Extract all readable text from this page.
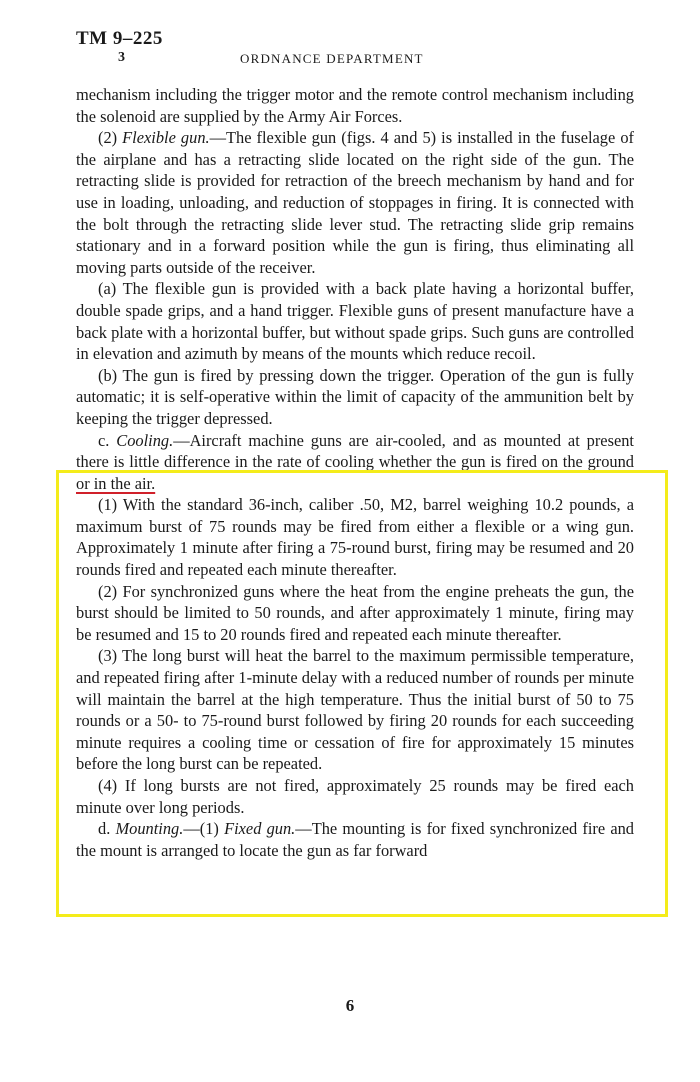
TM 9–225
3	ORDNANCE DEPARTMENT

mechanism including the trigger motor and the remote control mechanism including the solenoid are supplied by the Army Air Forces.

(2) Flexible gun.—The flexible gun (figs. 4 and 5) is installed in the fuselage of the airplane and has a retracting slide located on the right side of the gun. The retracting slide is provided for retraction of the breech mechanism by hand and for use in loading, unloading, and reduction of stoppages in firing. It is connected with the bolt through the retracting slide lever stud. The retracting slide grip remains stationary and in a forward position while the gun is firing, thus eliminating all moving parts outside of the receiver.

(a) The flexible gun is provided with a back plate having a horizontal buffer, double spade grips, and a hand trigger. Flexible guns of present manufacture have a back plate with a horizontal buffer, but without spade grips. Such guns are controlled in elevation and azimuth by means of the mounts which reduce recoil.

(b) The gun is fired by pressing down the trigger. Operation of the gun is fully automatic; it is self-operative within the limit of capacity of the ammunition belt by keeping the trigger depressed.

c. Cooling.—Aircraft machine guns are air-cooled, and as mounted at present there is little difference in the rate of cooling whether the gun is fired on the ground or in the air.

(1) With the standard 36-inch, caliber .50, M2, barrel weighing 10.2 pounds, a maximum burst of 75 rounds may be fired from either a flexible or a wing gun. Approximately 1 minute after firing a 75-round burst, firing may be resumed and 20 rounds fired and repeated each minute thereafter.

(2) For synchronized guns where the heat from the engine preheats the gun, the burst should be limited to 50 rounds, and after approximately 1 minute, firing may be resumed and 15 to 20 rounds fired and repeated each minute thereafter.

(3) The long burst will heat the barrel to the maximum permissible temperature, and repeated firing after 1-minute delay with a reduced number of rounds per minute will maintain the barrel at the high temperature. Thus the initial burst of 50 to 75 rounds or a 50- to 75-round burst followed by firing 20 rounds for each succeeding minute requires a cooling time or cessation of fire for approximately 15 minutes before the long burst can be repeated.

(4) If long bursts are not fired, approximately 25 rounds may be fired each minute over long periods.

d. Mounting.—(1) Fixed gun.—The mounting is for fixed synchronized fire and the mount is arranged to locate the gun as far forward

6
